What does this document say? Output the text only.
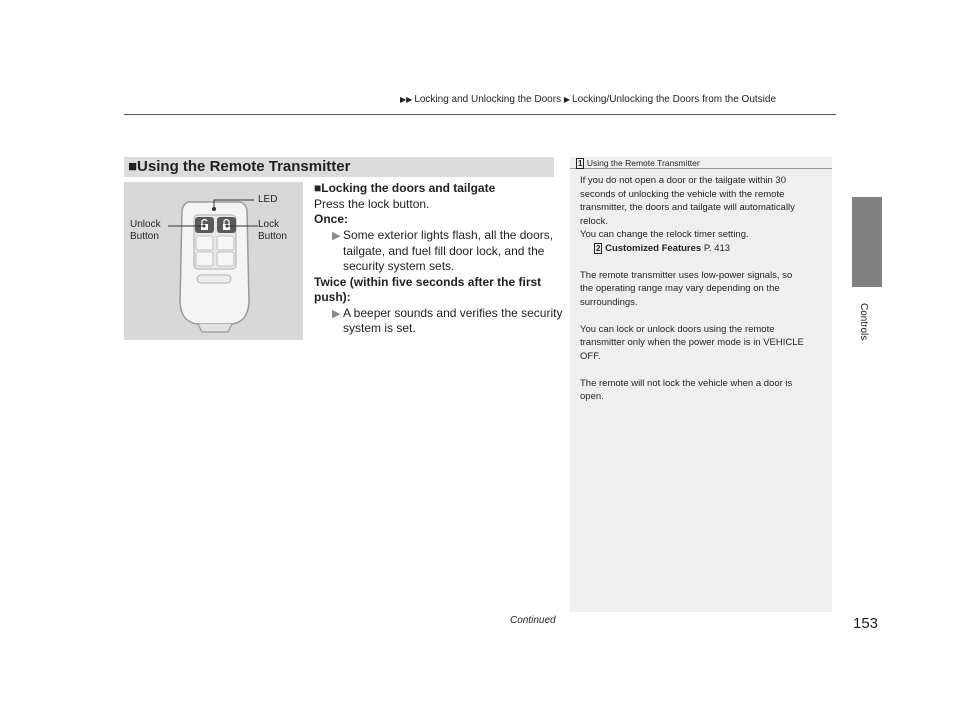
▶▶ Locking and Unlocking the Doors ▶ Locking/Unlocking the Doors from the Outside
Controls
■Using the Remote Transmitter
LED
Unlock
Button
Lock
Button
■Locking the doors and tailgate
Press the lock button.
Once:
▶ Some exterior lights flash, all the doors,
tailgate, and fuel fill door lock, and the
security system sets.
Twice (within five seconds after the first
push):
▶ A beeper sounds and verifies the security
system is set.
1 Using the Remote Transmitter
If you do not open a door or the tailgate within 30
seconds of unlocking the vehicle with the remote
transmitter, the doors and tailgate will automatically
relock.
You can change the relock timer setting.
2 Customized Features P. 413
The remote transmitter uses low-power signals, so
the operating range may vary depending on the
surroundings.
You can lock or unlock doors using the remote
transmitter only when the power mode is in VEHICLE
OFF.
The remote will not lock the vehicle when a door is
open.
Continued	153
